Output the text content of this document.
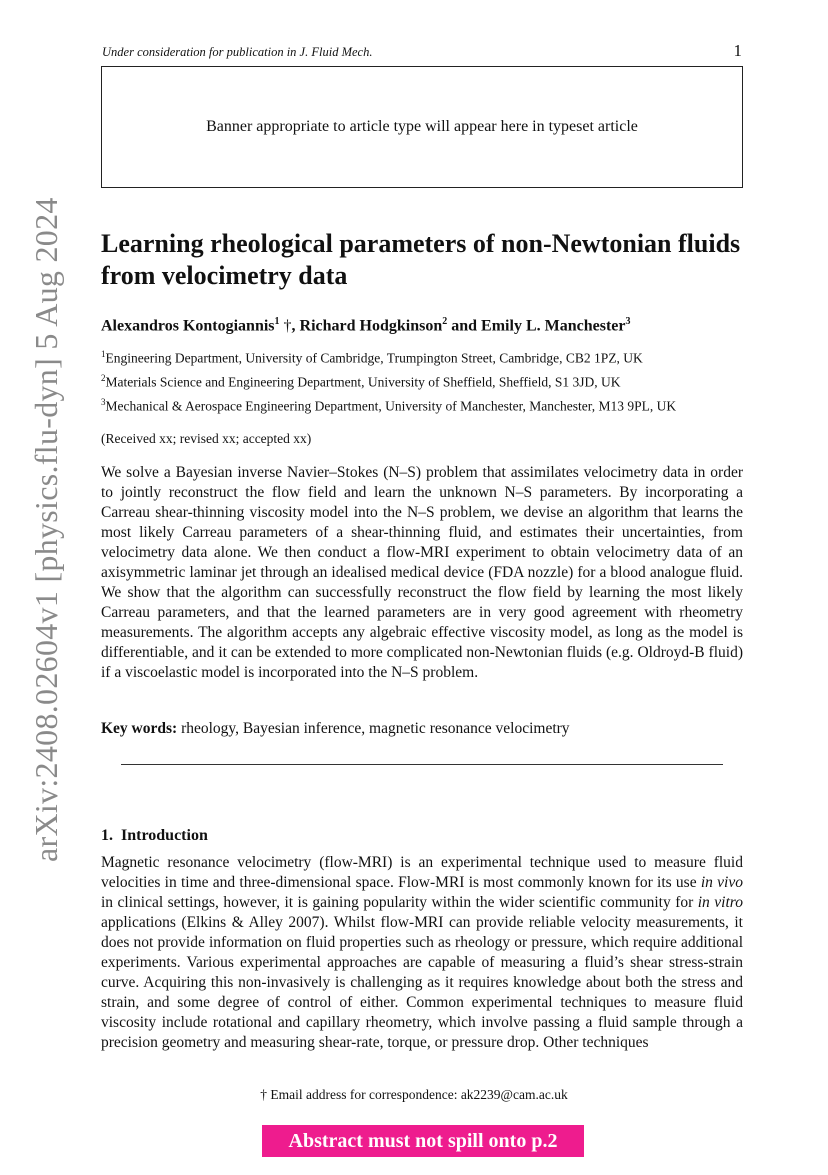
Under consideration for publication in J. Fluid Mech.	1
Banner appropriate to article type will appear here in typeset article
arXiv:2408.02604v1 [physics.flu-dyn] 5 Aug 2024 Learning rheological parameters of non-Newtonian fluids from velocimetry data
Alexandros Kontogiannis$^1$ †, Richard Hodgkinson$^2$ and Emily L. Manchester$^3$
$^1$Engineering Department, University of Cambridge, Trumpington Street, Cambridge, CB2 1PZ, UK
$^2$Materials Science and Engineering Department, University of Sheffield, Sheffield, S1 3JD, UK
$^3$Mechanical & Aerospace Engineering Department, University of Manchester, Manchester, M13 9PL, UK
(Received xx; revised xx; accepted xx)

We solve a Bayesian inverse Navier–Stokes (N–S) problem that assimilates velocimetry data in order to jointly reconstruct the flow field and learn the unknown N–S parameters. By incorporating a Carreau shear-thinning viscosity model into the N–S problem, we devise an algorithm that learns the most likely Carreau parameters of a shear-thinning fluid, and estimates their uncertainties, from velocimetry data alone. We then conduct a flow-MRI experiment to obtain velocimetry data of an axisymmetric laminar jet through an idealised medical device (FDA nozzle) for a blood analogue fluid. We show that the algorithm can successfully reconstruct the flow field by learning the most likely Carreau parameters, and that the learned parameters are in very good agreement with rheometry measurements. The algorithm accepts any algebraic effective viscosity model, as long as the model is differentiable, and it can be extended to more complicated non-Newtonian fluids (e.g. Oldroyd-B fluid) if a viscoelastic model is incorporated into the N–S problem.

Key words: rheology, Bayesian inference, magnetic resonance velocimetry
1. Introduction

Magnetic resonance velocimetry (flow-MRI) is an experimental technique used to measure fluid velocities in time and three-dimensional space. Flow-MRI is most commonly known for its use in vivo in clinical settings, however, it is gaining popularity within the wider scientific community for in vitro applications (Elkins & Alley 2007). Whilst flow-MRI can provide reliable velocity measurements, it does not provide information on fluid properties such as rheology or pressure, which require additional experiments. Various experimental approaches are capable of measuring a fluid’s shear stress-strain curve. Acquiring this non-invasively is challenging as it requires knowledge about both the stress and strain, and some degree of control of either. Common experimental techniques to measure fluid viscosity include rotational and capillary rheometry, which involve passing a fluid sample through a precision geometry and measuring shear-rate, torque, or pressure drop. Other techniques

† Email address for correspondence: ak2239@cam.ac.uk
Abstract must not spill onto p.2
